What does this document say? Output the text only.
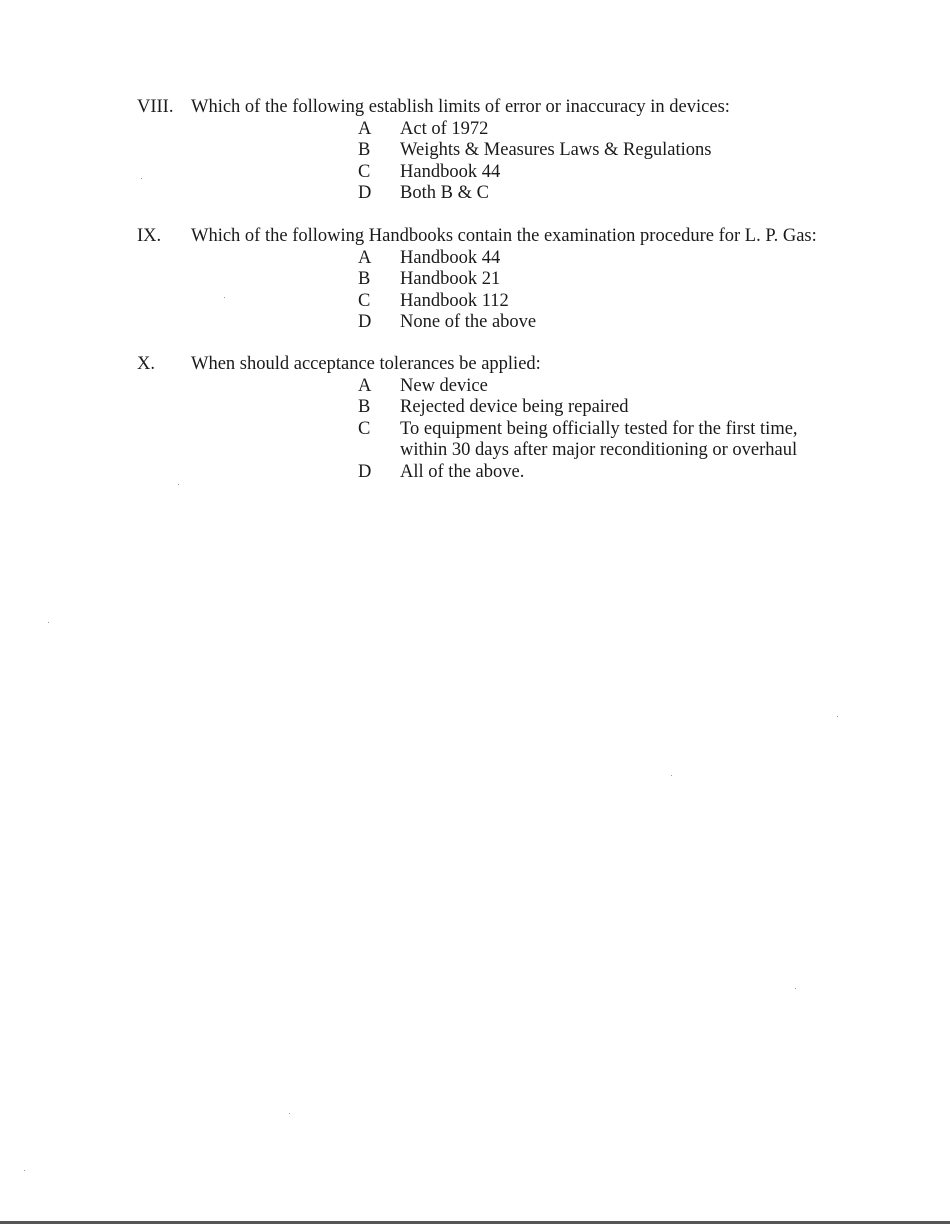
VIII. Which of the following establish limits of error or inaccuracy in devices:
A Act of 1972
B Weights & Measures Laws & Regulations
C Handbook 44
D Both B & C
IX. Which of the following Handbooks contain the examination procedure for L. P. Gas:
A Handbook 44
B Handbook 21
C Handbook 112
D None of the above
X. When should acceptance tolerances be applied:
A New device
B Rejected device being repaired
C To equipment being officially tested for the first time, within 30 days after major reconditioning or overhaul
D All of the above.
